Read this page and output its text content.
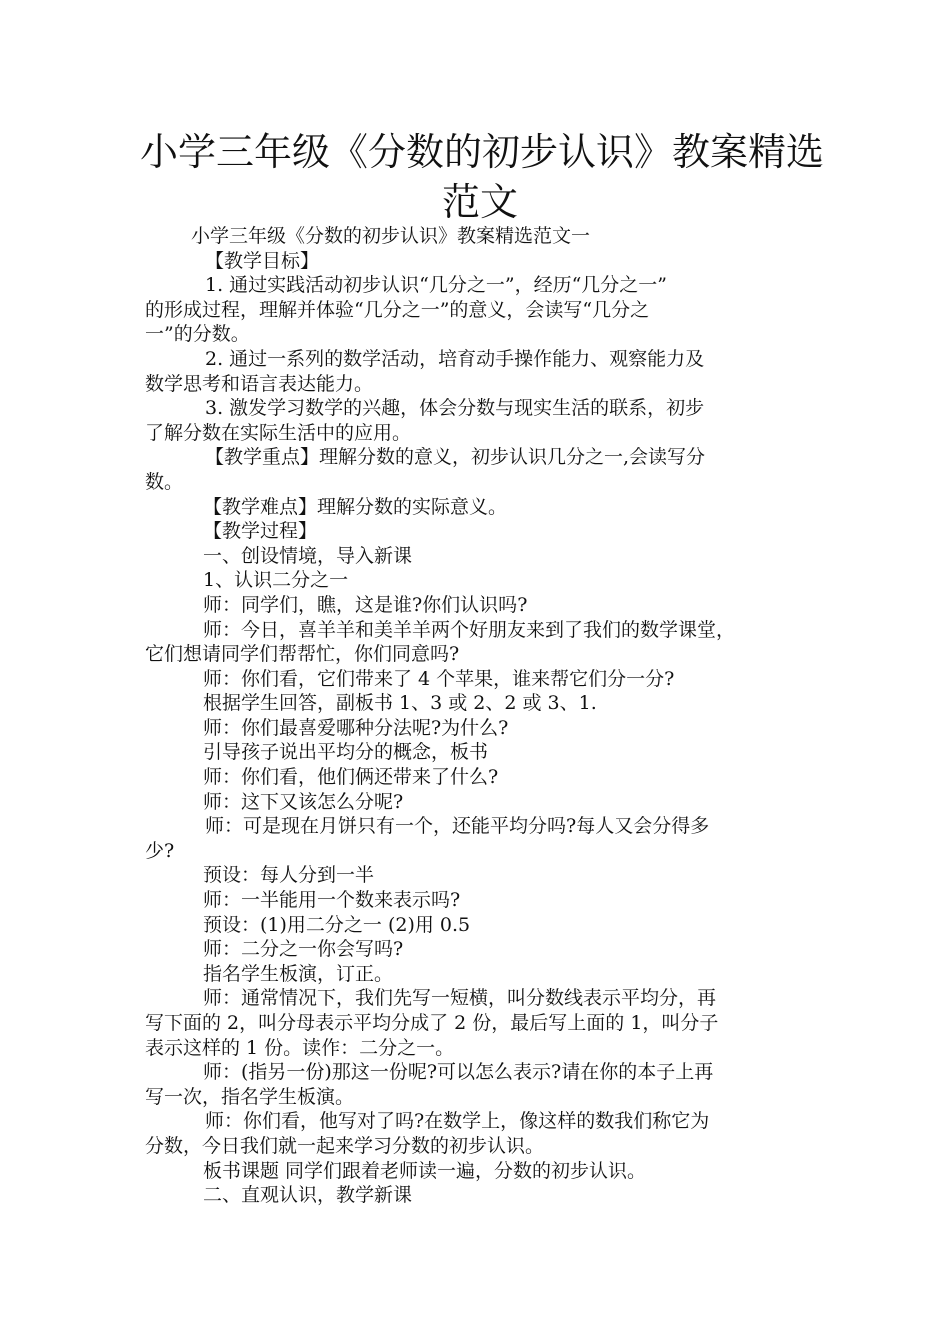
小学三年级《分数的初步认识》教案精选
范文

小学三年级《分数的初步认识》教案精选范文一

【教学目标】

1. 通过实践活动初步认识“几分之一”，经历“几分之一”
的形成过程，理解并体验“几分之一”的意义，会读写“几分之
一”的分数。

2. 通过一系列的数学活动，培育动手操作能力、观察能力及
数学思考和语言表达能力。

3. 激发学习数学的兴趣，体会分数与现实生活的联系，初步
了解分数在实际生活中的应用。

【教学重点】理解分数的意义，初步认识几分之一,会读写分
数。

【教学难点】理解分数的实际意义。

【教学过程】

一、创设情境，导入新课

1、认识二分之一

师：同学们，瞧，这是谁?你们认识吗?

师：今日，喜羊羊和美羊羊两个好朋友来到了我们的数学课堂，
它们想请同学们帮帮忙，你们同意吗?

师：你们看，它们带来了 4 个苹果，谁来帮它们分一分?

根据学生回答，副板书 1、3 或 2、2 或 3、1.

师：你们最喜爱哪种分法呢?为什么?

引导孩子说出平均分的概念，板书

师：你们看，他们俩还带来了什么?

师：这下又该怎么分呢?

师：可是现在月饼只有一个，还能平均分吗?每人又会分得多
少?

预设：每人分到一半

师：一半能用一个数来表示吗?

预设：(1)用二分之一 (2)用 0.5

师：二分之一你会写吗?

指名学生板演，订正。

师：通常情况下，我们先写一短横，叫分数线表示平均分，再
写下面的 2，叫分母表示平均分成了 2 份，最后写上面的 1，叫分子
表示这样的 1 份。读作：二分之一。

师：(指另一份)那这一份呢?可以怎么表示?请在你的本子上再
写一次，指名学生板演。

师：你们看，他写对了吗?在数学上，像这样的数我们称它为
分数，今日我们就一起来学习分数的初步认识。

板书课题 同学们跟着老师读一遍，分数的初步认识。

二、直观认识，教学新课
